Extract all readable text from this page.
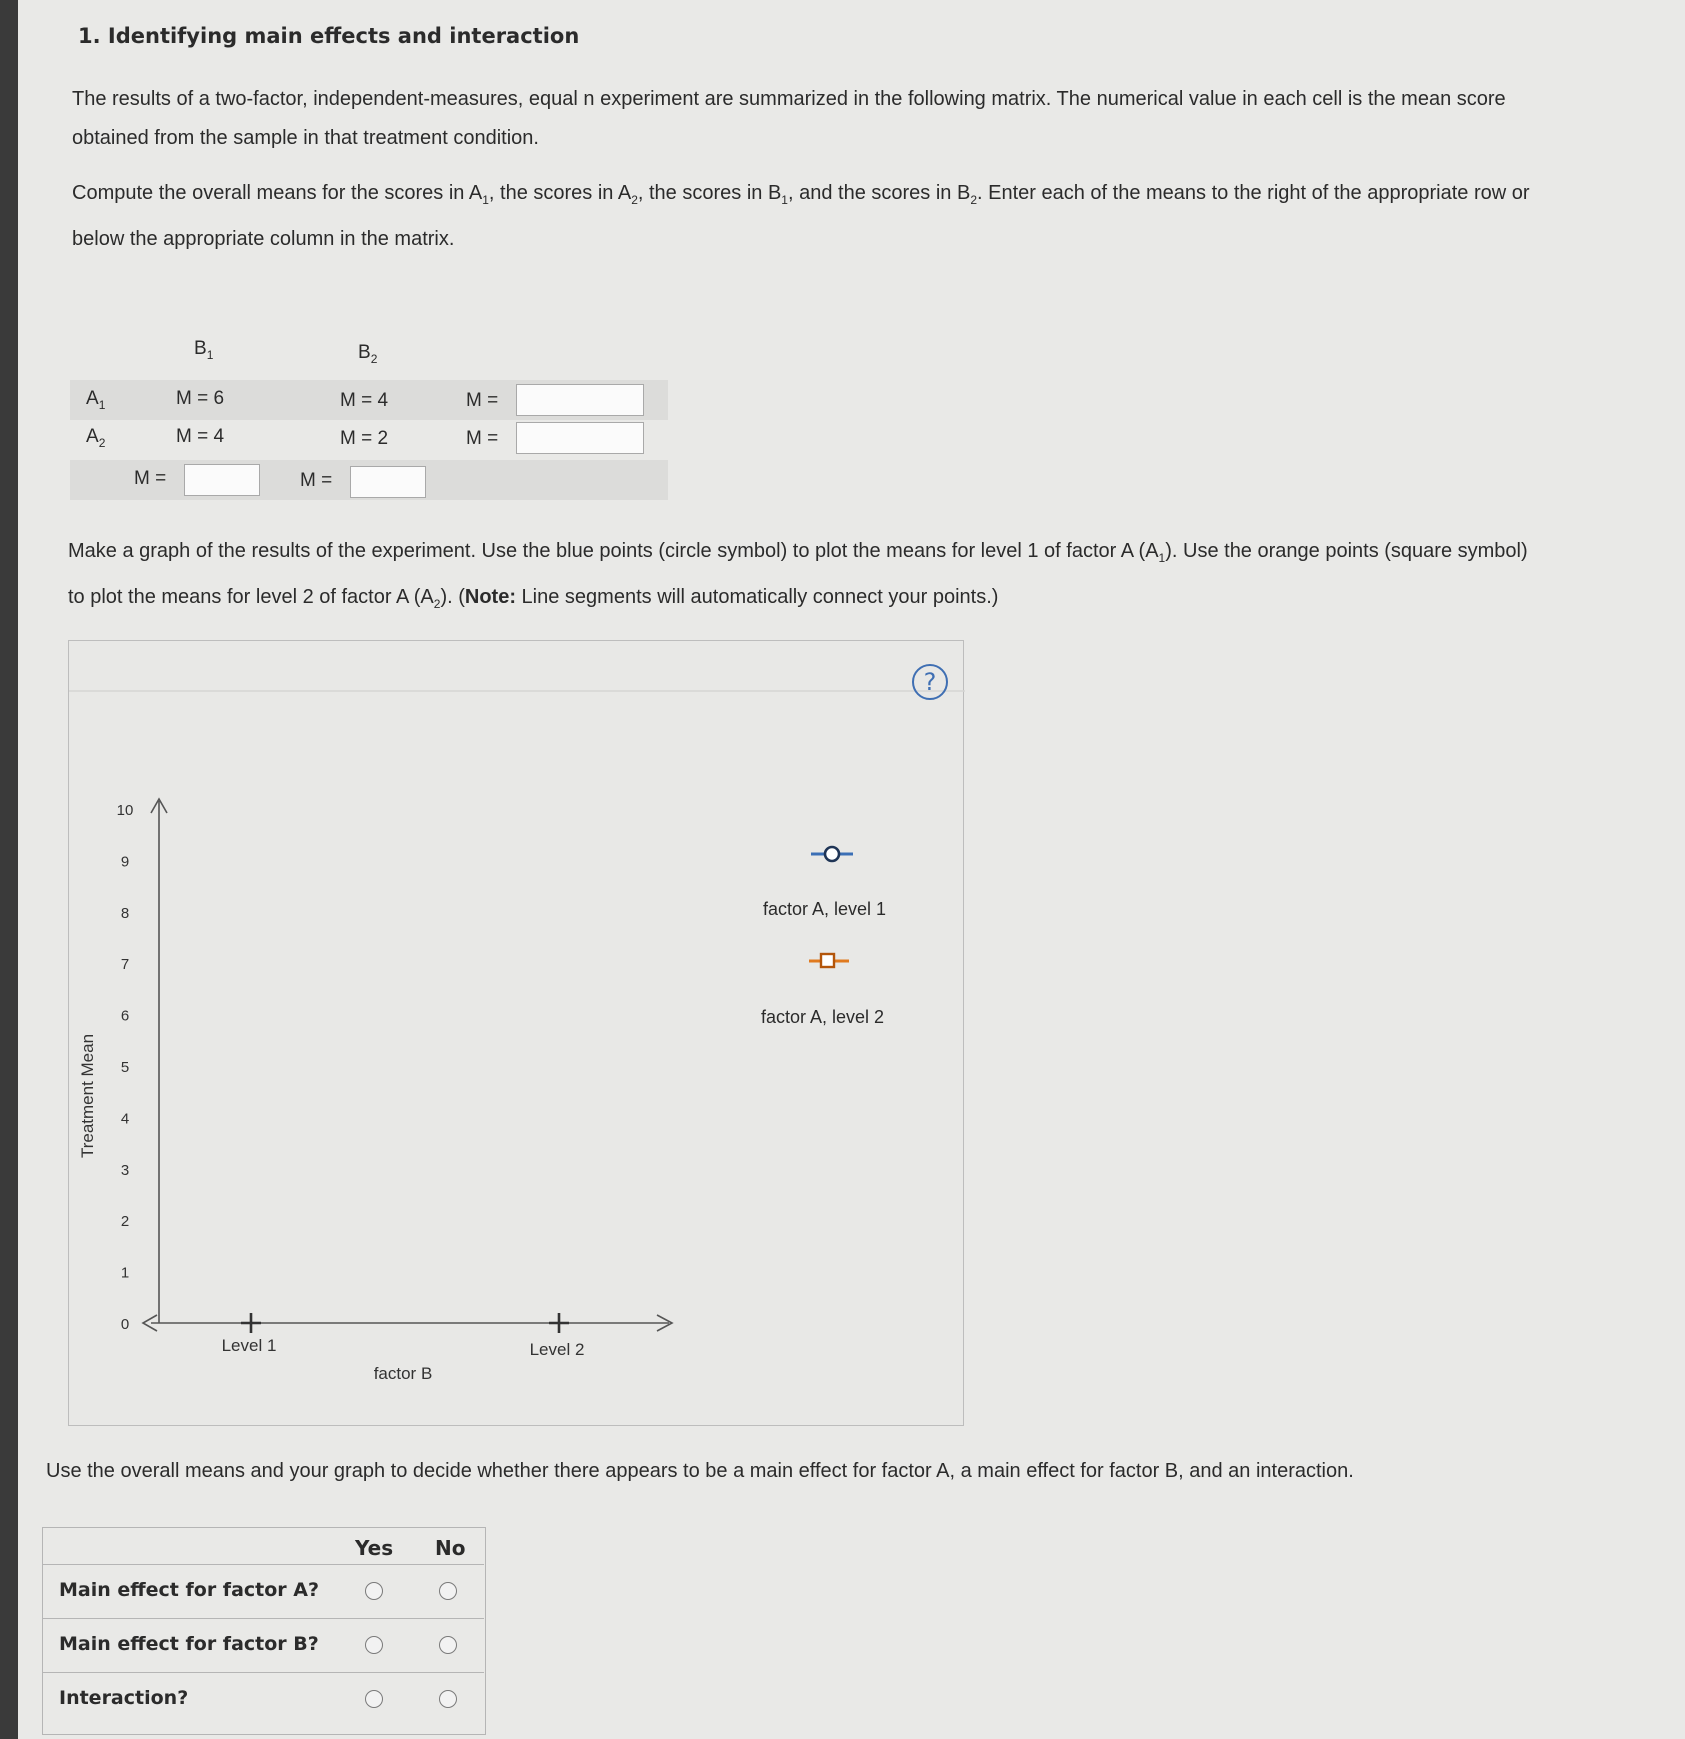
1. Identifying main effects and interaction

The results of a two-factor, independent-measures, equal n experiment are summarized in the following matrix. The numerical value in each cell is the mean score obtained from the sample in that treatment condition.

Compute the overall means for the scores in $A_1$, the scores in $A_2$, the scores in $B_1$, and the scores in $B_2$. Enter each of the means to the right of the appropriate row or below the appropriate column in the matrix.

$B_1$	$B_2$
$A_1$	M = 6	M = 4	M =
$A_2$	M = 4	M = 2	M =
M =	M =

Make a graph of the results of the experiment. Use the blue points (circle symbol) to plot the means for level 1 of factor A $(A_1)$. Use the orange points (square symbol) to plot the means for level 2 of factor A $(A_2)$. (Note: Line segments will automatically connect your points.)

0
1
2
3
4
5
6
7
8
9
10
Treatment Mean
Level 1	Level 2
factor B
factor A, level 1
factor A, level 2
?

Use the overall means and your graph to decide whether there appears to be a main effect for factor A, a main effect for factor B, and an interaction.

Yes No
Main effect for factor A?
Main effect for factor B?
Interaction?
